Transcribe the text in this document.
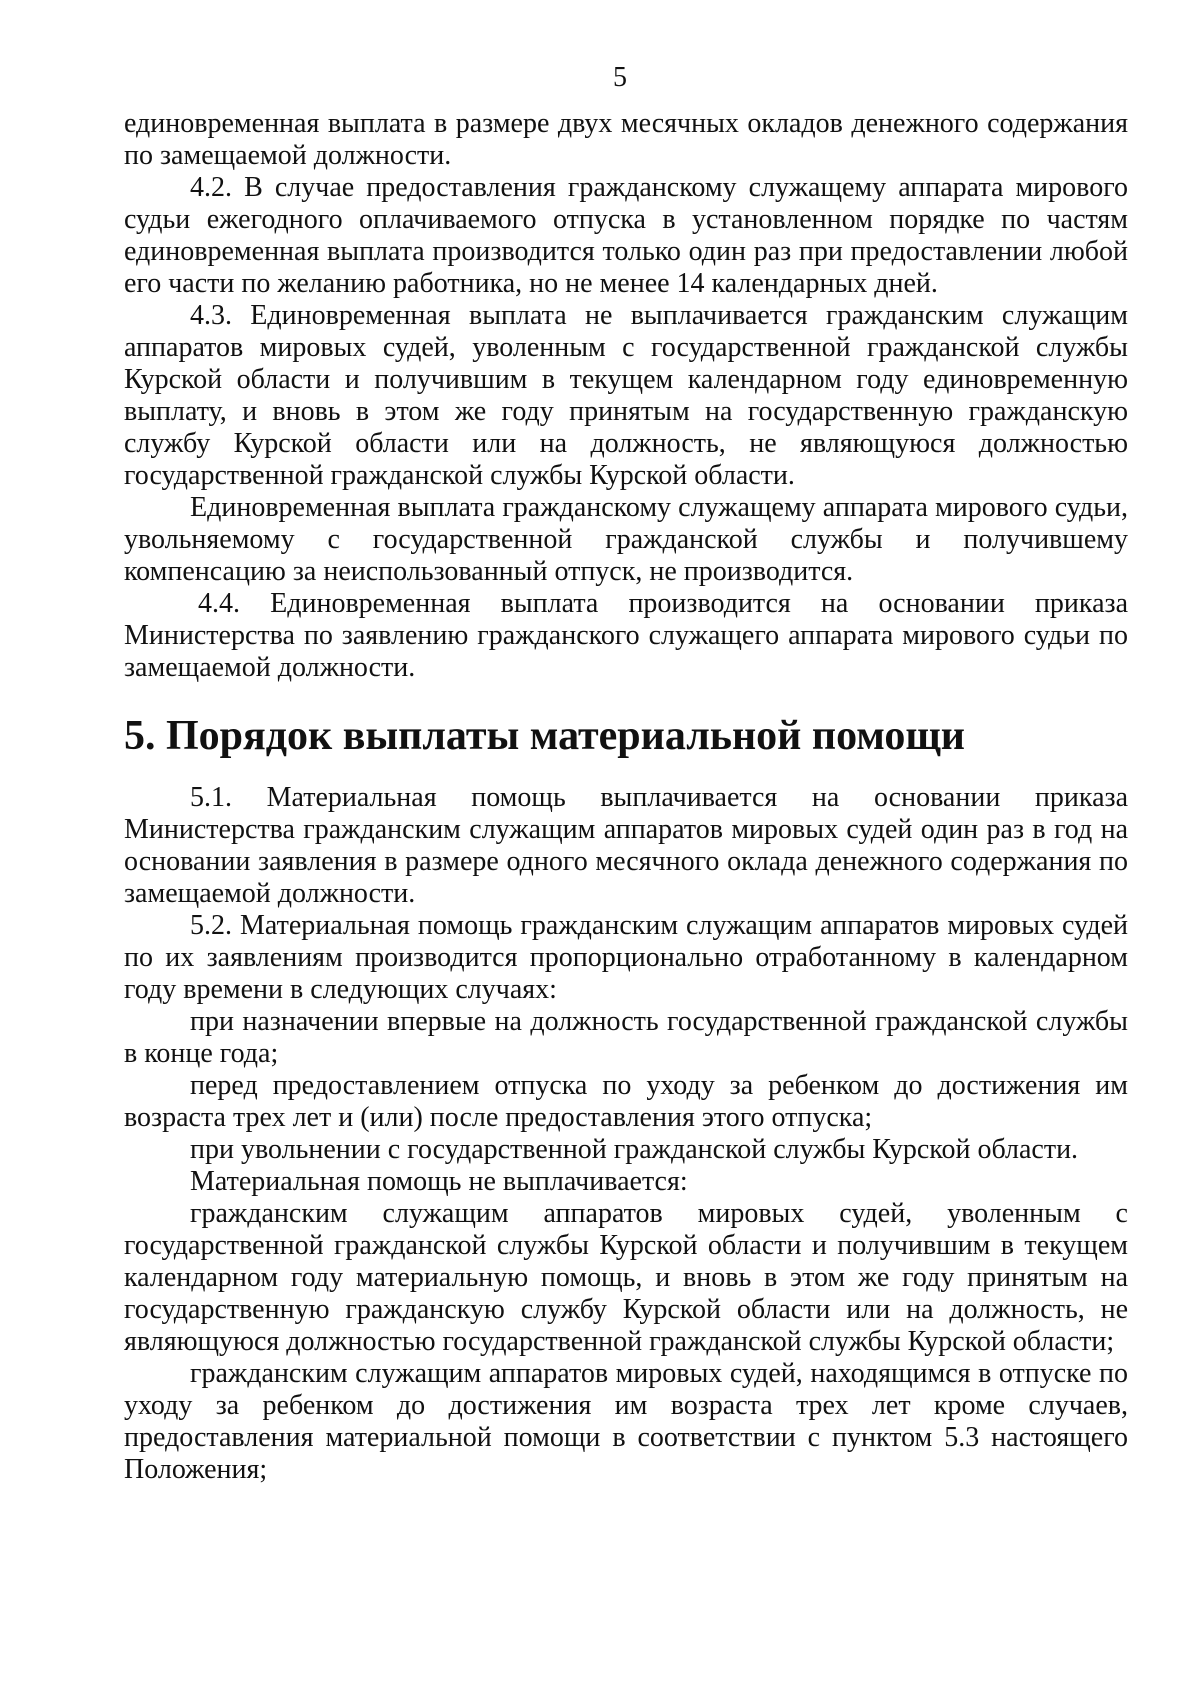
5

единовременная выплата в размере двух месячных окладов денежного содержания по замещаемой должности.

4.2. В случае предоставления гражданскому служащему аппарата мирового судьи ежегодного оплачиваемого отпуска в установленном порядке по частям единовременная выплата производится только один раз при предоставлении любой его части по желанию работника, но не менее 14 календарных дней.

4.3. Единовременная выплата не выплачивается гражданским служащим аппаратов мировых судей, уволенным с государственной гражданской службы Курской области и получившим в текущем календарном году единовременную выплату, и вновь в этом же году принятым на государственную гражданскую службу Курской области или на должность, не являющуюся должностью государственной гражданской службы Курской области.

Единовременная выплата гражданскому служащему аппарата мирового судьи, увольняемому с государственной гражданской службы и получившему компенсацию за неиспользованный отпуск, не производится.

4.4. Единовременная выплата производится на основании приказа Министерства по заявлению гражданского служащего аппарата мирового судьи по замещаемой должности.

5. Порядок выплаты материальной помощи

5.1. Материальная помощь выплачивается на основании приказа Министерства гражданским служащим аппаратов мировых судей один раз в год на основании заявления в размере одного месячного оклада денежного содержания по замещаемой должности.

5.2. Материальная помощь гражданским служащим аппаратов мировых судей по их заявлениям производится пропорционально отработанному в календарном году времени в следующих случаях:

при назначении впервые на должность государственной гражданской службы в конце года;

перед предоставлением отпуска по уходу за ребенком до достижения им возраста трех лет и (или) после предоставления этого отпуска;

при увольнении с государственной гражданской службы Курской области.

Материальная помощь не выплачивается:

гражданским служащим аппаратов мировых судей, уволенным с государственной гражданской службы Курской области и получившим в текущем календарном году материальную помощь, и вновь в этом же году принятым на государственную гражданскую службу Курской области или на должность, не являющуюся должностью государственной гражданской службы Курской области;

гражданским служащим аппаратов мировых судей, находящимся в отпуске по уходу за ребенком до достижения им возраста трех лет кроме случаев, предоставления материальной помощи в соответствии с пунктом 5.3 настоящего Положения;
